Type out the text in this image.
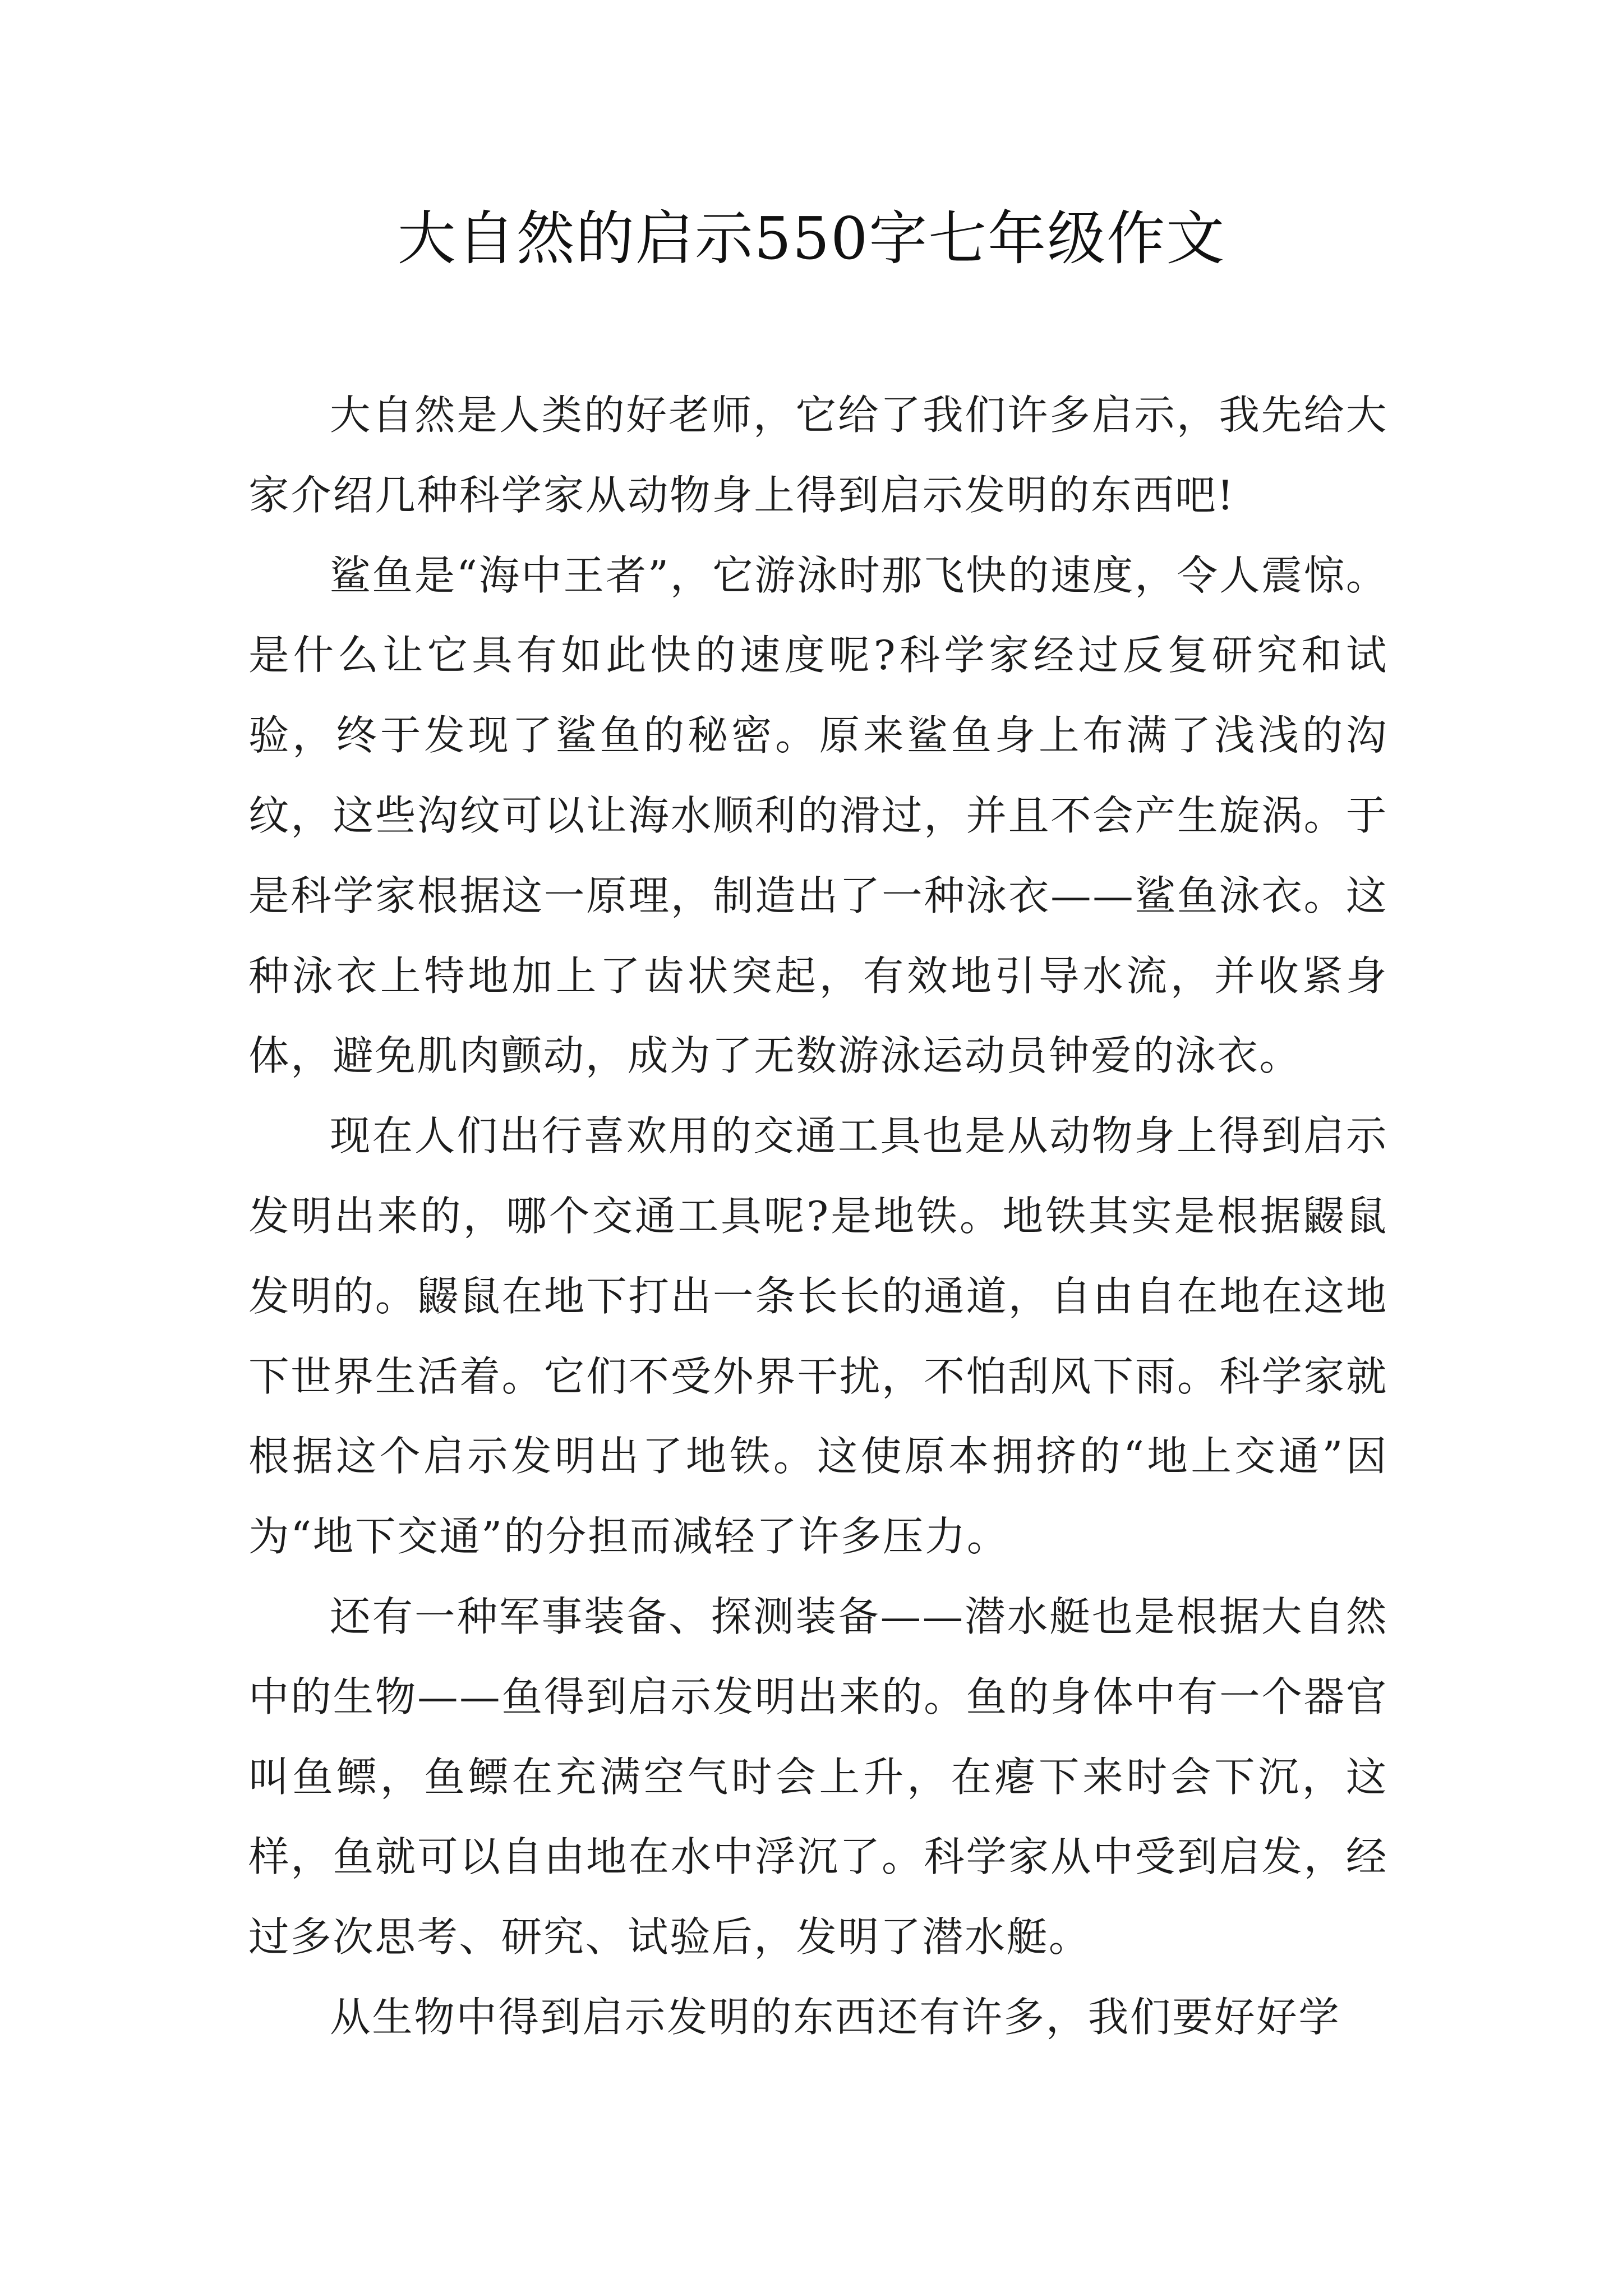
大自然的启示550字七年级作文

大自然是人类的好老师，它给了我们许多启示，我先给大家介绍几种科学家从动物身上得到启示发明的东西吧!

鲨鱼是“海中王者”，它游泳时那飞快的速度，令人震惊。是什么让它具有如此快的速度呢?科学家经过反复研究和试验，终于发现了鲨鱼的秘密。原来鲨鱼身上布满了浅浅的沟纹，这些沟纹可以让海水顺利的滑过，并且不会产生旋涡。于是科学家根据这一原理，制造出了一种泳衣——鲨鱼泳衣。这种泳衣上特地加上了齿状突起，有效地引导水流，并收紧身体，避免肌肉颤动，成为了无数游泳运动员钟爱的泳衣。

现在人们出行喜欢用的交通工具也是从动物身上得到启示发明出来的，哪个交通工具呢?是地铁。地铁其实是根据鼹鼠发明的。鼹鼠在地下打出一条长长的通道，自由自在地在这地下世界生活着。它们不受外界干扰，不怕刮风下雨。科学家就根据这个启示发明出了地铁。这使原本拥挤的“地上交通”因为“地下交通”的分担而减轻了许多压力。

还有一种军事装备、探测装备——潜水艇也是根据大自然中的生物——鱼得到启示发明出来的。鱼的身体中有一个器官叫鱼鳔，鱼鳔在充满空气时会上升，在瘪下来时会下沉，这样，鱼就可以自由地在水中浮沉了。科学家从中受到启发，经过多次思考、研究、试验后，发明了潜水艇。

从生物中得到启示发明的东西还有许多，我们要好好学
